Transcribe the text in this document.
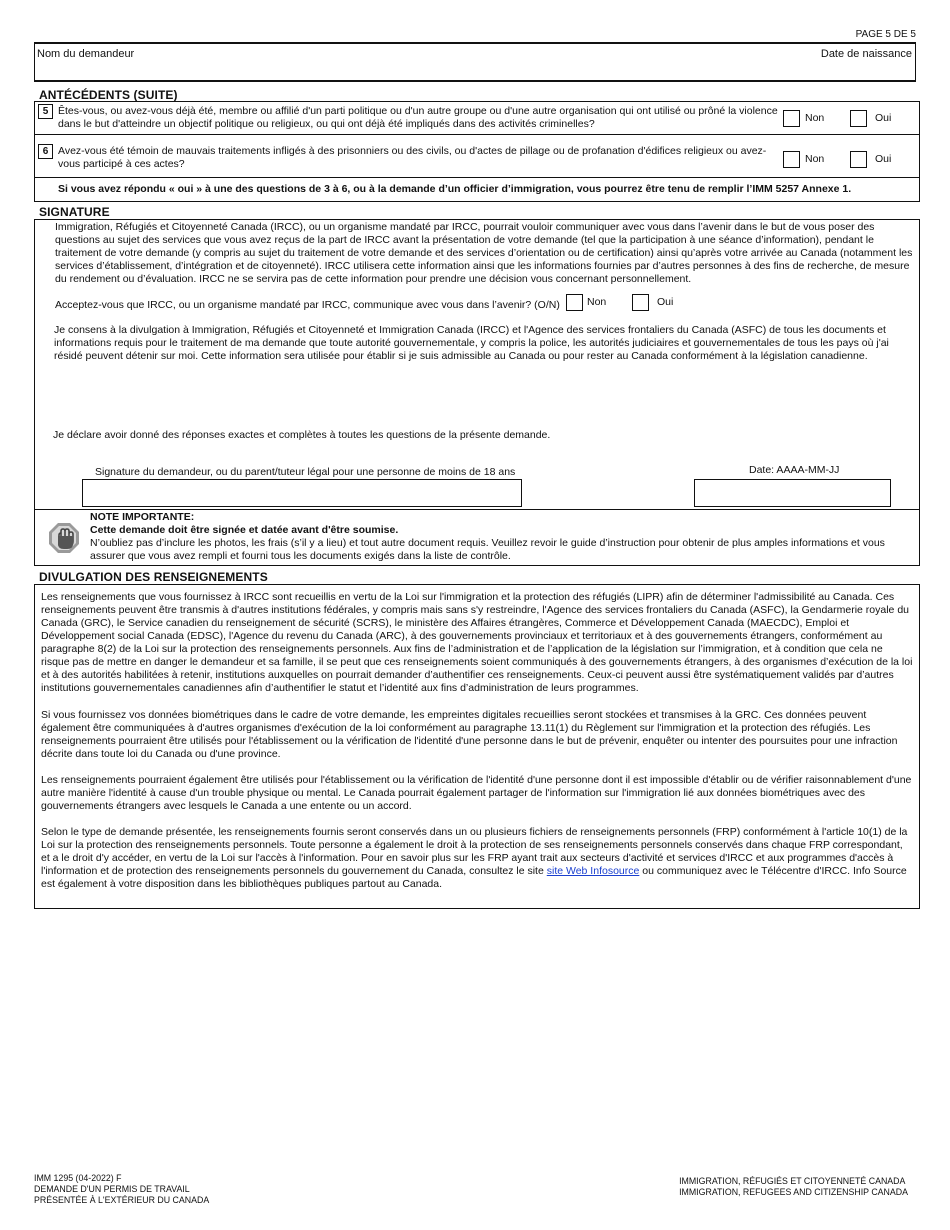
PAGE 5 DE 5
Nom du demandeur	Date de naissance
ANTÉCÉDENTS (SUITE)
5 Êtes-vous, ou avez-vous déjà été, membre ou affilié d'un parti politique ou d'un autre groupe ou d'une autre organisation qui ont utilisé ou prôné la violence dans le but d'atteindre un objectif politique ou religieux, ou qui ont déjà été impliqués dans des activités criminelles?	Non	Oui
6 Avez-vous été témoin de mauvais traitements infligés à des prisonniers ou des civils, ou d'actes de pillage ou de profanation d'édifices religieux ou avez-vous participé à ces actes?	Non	Oui
Si vous avez répondu « oui » à une des questions de 3 à 6, ou à la demande d’un officier d’immigration, vous pourrez être tenu de remplir l’IMM 5257 Annexe 1.
SIGNATURE
Immigration, Réfugiés et Citoyenneté Canada (IRCC), ou un organisme mandaté par IRCC, pourrait vouloir communiquer avec vous dans l’avenir dans le but de vous poser des questions au sujet des services que vous avez reçus de la part de IRCC avant la présentation de votre demande (tel que la participation à une séance d’information), pendant le traitement de votre demande (y compris au sujet du traitement de votre demande et des services d’orientation ou de certification) ainsi qu’après votre arrivée au Canada (notamment les services d’établissement, d’intégration et de citoyenneté). IRCC utilisera cette information ainsi que les informations fournies par d’autres personnes à des fins de recherche, de mesure du rendement ou d’évaluation. IRCC ne se servira pas de cette information pour prendre une décision vous concernant personnellement.
Acceptez-vous que IRCC, ou un organisme mandaté par IRCC, communique avec vous dans l’avenir? (O/N)	Non	Oui
Je consens à la divulgation à Immigration, Réfugiés et Citoyenneté et Immigration Canada (IRCC) et l'Agence des services frontaliers du Canada (ASFC) de tous les documents et informations requis pour le traitement de ma demande que toute autorité gouvernementale, y compris la police, les autorités judiciaires et gouvernementales de tous les pays où j'ai résidé peuvent détenir sur moi. Cette information sera utilisée pour établir si je suis admissible au Canada ou pour rester au Canada conformément à la législation canadienne.
Je déclare avoir donné des réponses exactes et complètes à toutes les questions de la présente demande.
Signature du demandeur, ou du parent/tuteur légal pour une personne de moins de 18 ans	Date: AAAA-MM-JJ
NOTE IMPORTANTE:
Cette demande doit être signée et datée avant d'être soumise.
N’oubliez pas d’inclure les photos, les frais (s’il y a lieu) et tout autre document requis. Veuillez revoir le guide d’instruction pour obtenir de plus amples informations et vous assurer que vous avez rempli et fourni tous les documents exigés dans la liste de contrôle.
DIVULGATION DES RENSEIGNEMENTS
Les renseignements que vous fournissez à IRCC sont recueillis en vertu de la Loi sur l'immigration et la protection des réfugiés (LIPR) afin de déterminer l'admissibilité au Canada. Ces renseignements peuvent être transmis à d'autres institutions fédérales, y compris mais sans s'y restreindre, l'Agence des services frontaliers du Canada (ASFC), la Gendarmerie royale du Canada (GRC), le Service canadien du renseignement de sécurité (SCRS), le ministère des Affaires étrangères, Commerce et Développement Canada (MAECDC), Emploi et Développement social Canada (EDSC), l'Agence du revenu du Canada (ARC), à des gouvernements provinciaux et territoriaux et à des gouvernements étrangers, conformément au paragraphe 8(2) de la Loi sur la protection des renseignements personnels. Aux fins de l’administration et de l’application de la législation sur l’immigration, et à condition que cela ne risque pas de mettre en danger le demandeur et sa famille, il se peut que ces renseignements soient communiqués à des gouvernements étrangers, à des organismes d’exécution de la loi et à des autorités habilitées à retenir, institutions auxquelles on pourrait demander d’authentifier ces renseignements. Ceux-ci peuvent aussi être systématiquement validés par d’autres institutions gouvernementales canadiennes afin d’authentifier le statut et l’identité aux fins d’administration de leurs programmes.
Si vous fournissez vos données biométriques dans le cadre de votre demande, les empreintes digitales recueillies seront stockées et transmises à la GRC. Ces données peuvent également être communiquées à d'autres organismes d'exécution de la loi conformément au paragraphe 13.11(1) du Règlement sur l'immigration et la protection des réfugiés. Les renseignements pourraient être utilisés pour l'établissement ou la vérification de l'identité d'une personne dans le but de prévenir, enquêter ou intenter des poursuites pour une infraction décrite dans toute loi du Canada ou d'une province.
Les renseignements pourraient également être utilisés pour l'établissement ou la vérification de l'identité d'une personne dont il est impossible d'établir ou de vérifier raisonnablement d'une autre manière l'identité à cause d'un trouble physique ou mental. Le Canada pourrait également partager de l'information sur l'immigration lié aux données biométriques avec des gouvernements étrangers avec lesquels le Canada a une entente ou un accord.
Selon le type de demande présentée, les renseignements fournis seront conservés dans un ou plusieurs fichiers de renseignements personnels (FRP) conformément à l'article 10(1) de la Loi sur la protection des renseignements personnels. Toute personne a également le droit à la protection de ses renseignements personnels conservés dans chaque FRP correspondant, et a le droit d'y accéder, en vertu de la Loi sur l'accès à l'information. Pour en savoir plus sur les FRP ayant trait aux secteurs d'activité et services d'IRCC et aux programmes d'accès à l'information et de protection des renseignements personnels du gouvernement du Canada, consultez le site site Web Infosource ou communiquez avec le Télécentre d'IRCC. Info Source est également à votre disposition dans les bibliothèques publiques partout au Canada.
IMM 1295 (04-2022) F
DEMANDE D'UN PERMIS DE TRAVAIL
PRÉSENTÉE À L'EXTÉRIEUR DU CANADA
IMMIGRATION, RÉFUGIÉS ET CITOYENNETÉ CANADA
IMMIGRATION, REFUGEES AND CITIZENSHIP CANADA
